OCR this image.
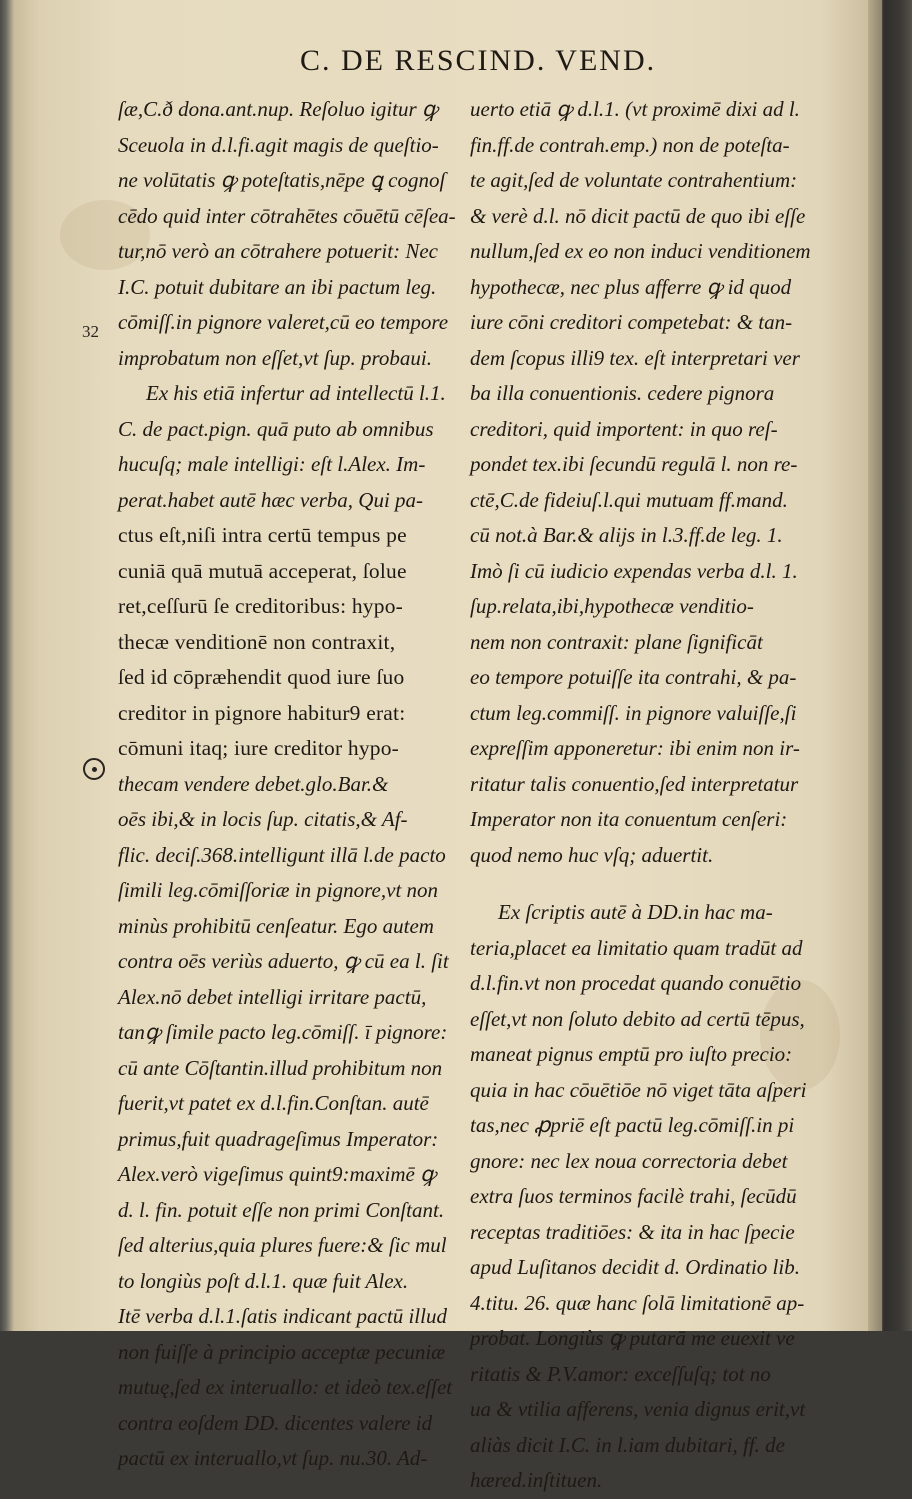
C. DE RESCIND. VEND.
32
ſæ,C.ð dona.ant.nup. Reſoluo igitur ꝙ
Sceuola in d.l.fi.agit magis de queſtio-
ne volūtatis ꝙ poteſtatis,nēpe ꝗ cognoſ
cēdo quid inter cōtrahētes cōuētū cēſea-
tur,nō verò an cōtrahere potuerit: Nec
I.C. potuit dubitare an ibi pactum leg.
cōmiſſ.in pignore valeret,cū eo tempore
improbatum non eſſet,vt ſup. probaui.
Ex his etiā infertur ad intellectū l.1.
C. de pact.pign. quā puto ab omnibus
hucuſq; male intelligi: eſt l.Alex. Im-
perat.habet autē hæc verba, Qui pa-
ctus eſt,niſi intra certū tempus pe
cuniā quā mutuā acceperat, ſolue
ret,ceſſurū ſe creditoribus: hypo-
thecæ venditionē non contraxit,
ſed id cōprӕhendit quod iure ſuo
creditor in pignore habitur9 erat:
cōmuni itaq; iure creditor hypo-
thecam vendere debet.glo.Bar.&
oēs ibi,& in locis ſup. citatis,& Af-
flic. deciſ.368.intelligunt illā l.de pacto
ſimili leg.cōmiſſoriæ in pignore,vt non
minùs prohibitū cenſeatur. Ego autem
contra oēs veriùs aduerto, ꝙ cū ea l. ſit
Alex.nō debet intelligi irritare pactū,
tanꝙ ſimile pacto leg.cōmiſſ. ī pignore:
cū ante Cōſtantin.illud prohibitum non
fuerit,vt patet ex d.l.fin.Conſtan. autē
primus,fuit quadrageſimus Imperator:
Alex.verò vigeſimus quint9:maximē ꝙ
d. l. fin. potuit eſſe non primi Conſtant.
ſed alterius,quia plures fuere:& ſic mul
to longiùs poſt d.l.1. quæ fuit Alex.
Itē verba d.l.1.ſatis indicant pactū illud
non fuiſſe à principio acceptæ pecuniæ
mutuę,ſed ex interuallo: et ideò tex.eſſet
contra eoſdem DD. dicentes valere id
pactū ex interuallo,vt ſup. nu.30. Ad-
uerto etiā ꝙ d.l.1. (vt proximē dixi ad l.
fin.ff.de contrah.emp.) non de poteſta-
te agit,ſed de voluntate contrahentium:
& verè d.l. nō dicit pactū de quo ibi eſſe
nullum,ſed ex eo non induci venditionem
hypothecæ, nec plus afferre ꝙ id quod
iure cōni creditori competebat: & tan-
dem ſcopus illi9 tex. eſt interpretari ver
ba illa conuentionis. cedere pignora
creditori, quid importent: in quo reſ-
pondet tex.ibi ſecundū regulā l. non re-
ctē,C.de fideiuſ.l.qui mutuam ff.mand.
cū not.à Bar.& alijs in l.3.ff.de leg. 1.
Imò ſi cū iudicio expendas verba d.l. 1.
ſup.relata,ibi,hypothecæ venditio-
nem non contraxit: plane ſignificāt
eo tempore potuiſſe ita contrahi, & pa-
ctum leg.commiſſ. in pignore valuiſſe,ſi
expreſſim apponeretur: ibi enim non ir-
ritatur talis conuentio,ſed interpretatur
Imperator non ita conuentum cenſeri:
quod nemo huc vſq; aduertit.
Ex ſcriptis autē à DD.in hac ma-
teria,placet ea limitatio quam tradūt ad
d.l.fin.vt non procedat quando conuētio
eſſet,vt non ſoluto debito ad certū tēpus,
maneat pignus emptū pro iuſto precio:
quia in hac cōuētiōe nō viget tāta aſperi
tas,nec ꝓpriē eſt pactū leg.cōmiſſ.in pi
gnore: nec lex noua correctoria debet
extra ſuos terminos facilè trahi, ſecūdū
receptas traditiōes: & ita in hac ſpecie
apud Luſitanos decidit d. Ordinatio lib.
4.titu. 26. quæ hanc ſolā limitationē ap-
probat. Longiùs ꝙ putarā me euexit ve
ritatis & P.V.amor: exceſſuſq; tot no
ua & vtilia afferens, venia dignus erit,vt
aliàs dicit I.C. in l.iam dubitari, ff. de
hæred.inſtituen.
